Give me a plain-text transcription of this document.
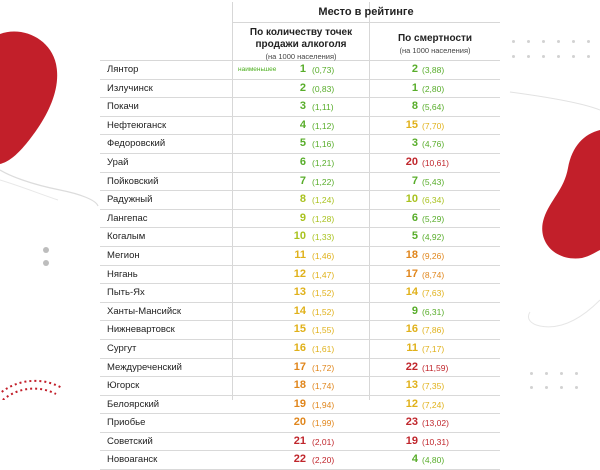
Место в рейтинге
По количеству точек продажи алкоголя
(на 1000 населения)
По смертности
(на 1000 населения)
Лянтор	наименьшее	1 (0,73)	2 (3,88)
Излучинск	2 (0,83)	1 (2,80)
Покачи	3 (1,11)	8 (5,64)
Нефтеюганск	4 (1,12)	15 (7,70)
Федоровский	5 (1,16)	3 (4,76)
Урай	6 (1,21)	20 (10,61)
Пойковский	7 (1,22)	7 (5,43)
Радужный	8 (1,24)	10 (6,34)
Лангепас	9 (1,28)	6 (5,29)
Когалым	10 (1,33)	5 (4,92)
Мегион	11 (1,46)	18 (9,26)
Нягань	12 (1,47)	17 (8,74)
Пыть-Ях	13 (1,52)	14 (7,63)
Ханты-Мансийск	14 (1,52)	9 (6,31)
Нижневартовск	15 (1,55)	16 (7,86)
Сургут	16 (1,61)	11 (7,17)
Междуреченский	17 (1,72)	22 (11,59)
Югорск	18 (1,74)	13 (7,35)
Белоярский	19 (1,94)	12 (7,24)
Приобье	20 (1,99)	23 (13,02)
Советский	21 (2,01)	19 (10,31)
Новоаганск	22 (2,20)	4 (4,80)
